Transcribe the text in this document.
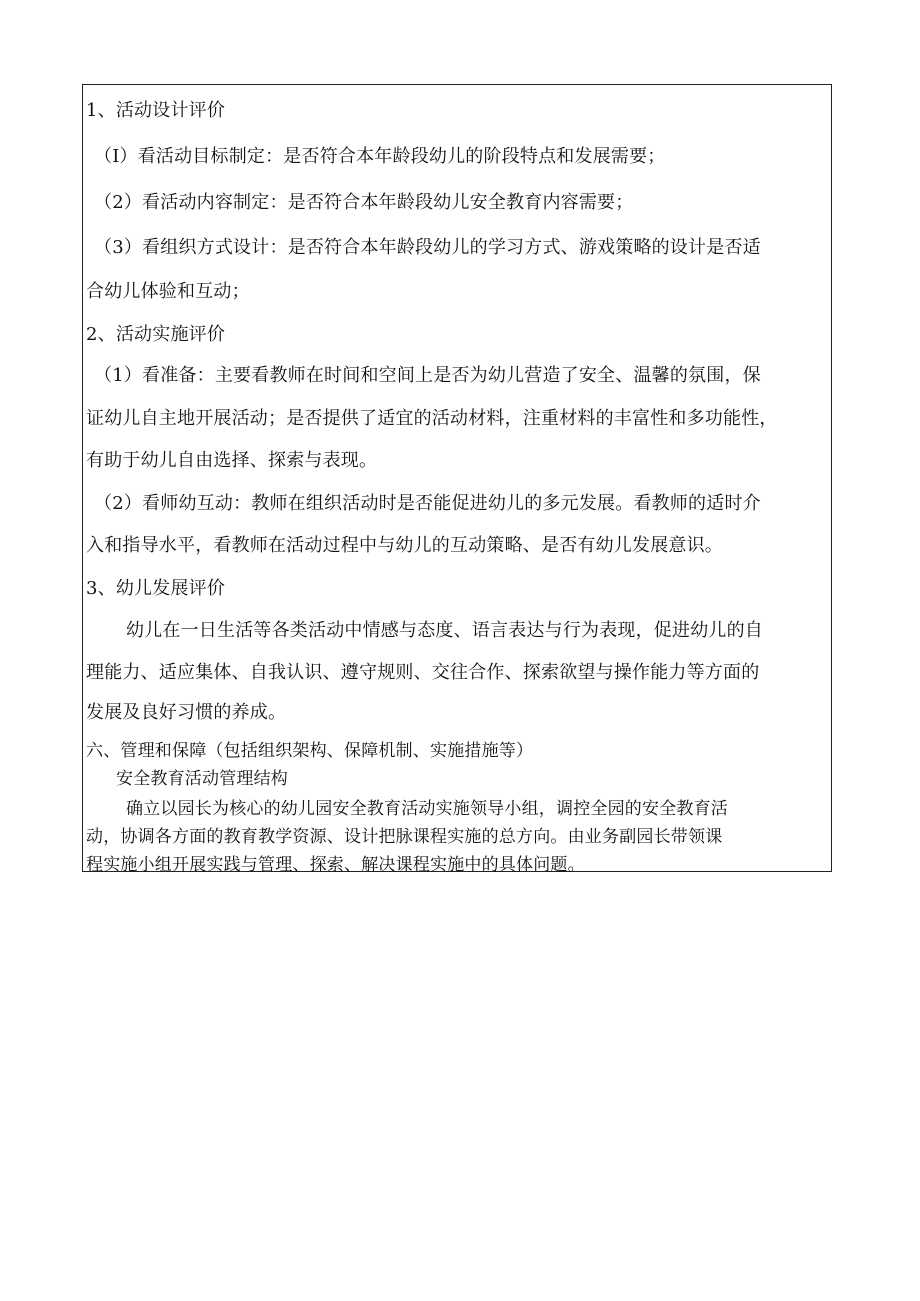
1、活动设计评价
（I）看活动目标制定：是否符合本年龄段幼儿的阶段特点和发展需要；
（2）看活动内容制定：是否符合本年龄段幼儿安全教育内容需要；
（3）看组织方式设计：是否符合本年龄段幼儿的学习方式、游戏策略的设计是否适
合幼儿体验和互动；
2、活动实施评价
（1）看准备：主要看教师在时间和空间上是否为幼儿营造了安全、温馨的氛围，保
证幼儿自主地开展活动；是否提供了适宜的活动材料，注重材料的丰富性和多功能性，
有助于幼儿自由选择、探索与表现。
（2）看师幼互动：教师在组织活动时是否能促进幼儿的多元发展。看教师的适时介
入和指导水平，看教师在活动过程中与幼儿的互动策略、是否有幼儿发展意识。
3、幼儿发展评价
幼儿在一日生活等各类活动中情感与态度、语言表达与行为表现，促进幼儿的自
理能力、适应集体、自我认识、遵守规则、交往合作、探索欲望与操作能力等方面的
发展及良好习惯的养成。
六、管理和保障（包括组织架构、保障机制、实施措施等）
安全教育活动管理结构
确立以园长为核心的幼儿园安全教育活动实施领导小组，调控全园的安全教育活
动，协调各方面的教育教学资源、设计把脉课程实施的总方向。由业务副园长带领课
程实施小组开展实践与管理、探索、解决课程实施中的具体问题。
